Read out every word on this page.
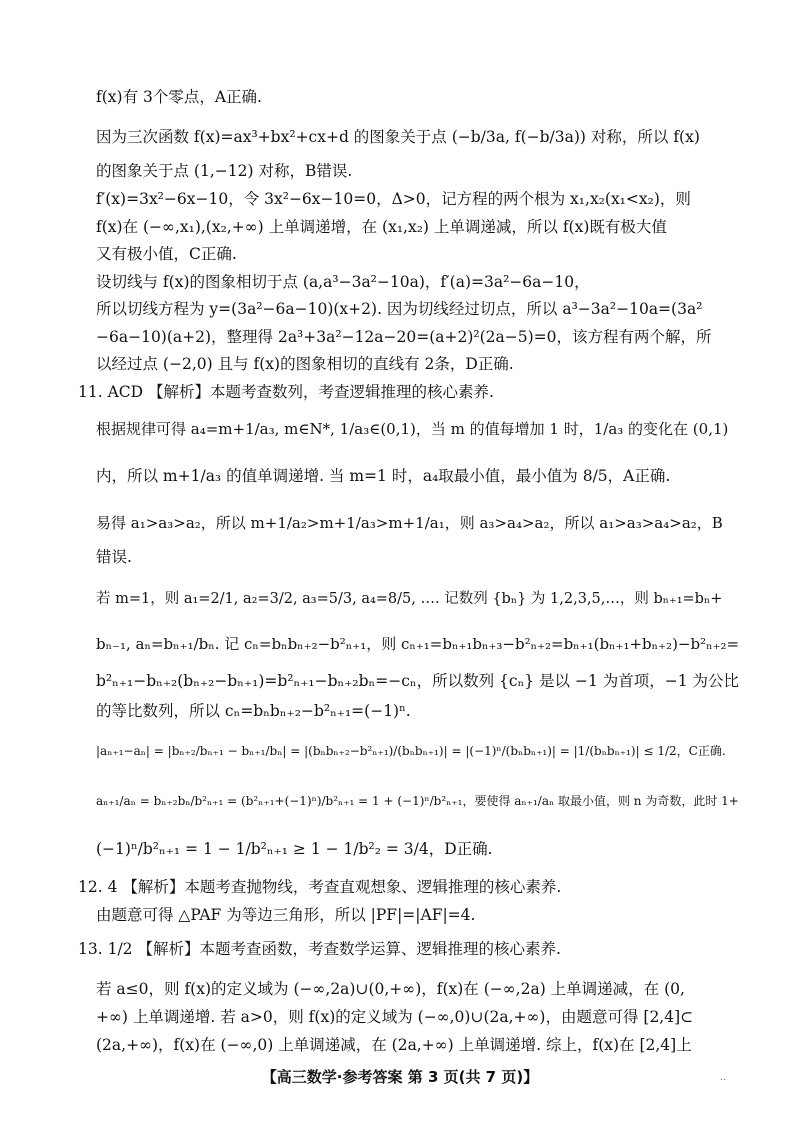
f(x)有 3个零点，A正确.
因为三次函数 f(x)=ax³+bx²+cx+d 的图象关于点 (−b/3a, f(−b/3a)) 对称，所以 f(x)
的图象关于点 (1,−12) 对称，B错误.
f′(x)=3x²−6x−10，令 3x²−6x−10=0，Δ>0，记方程的两个根为 x₁,x₂(x₁<x₂)，则
f(x)在 (−∞,x₁),(x₂,+∞) 上单调递增，在 (x₁,x₂) 上单调递减，所以 f(x)既有极大值
又有极小值，C正确.
设切线与 f(x)的图象相切于点 (a,a³−3a²−10a)，f′(a)=3a²−6a−10，
所以切线方程为 y=(3a²−6a−10)(x+2). 因为切线经过切点，所以 a³−3a²−10a=(3a²
−6a−10)(a+2)，整理得 2a³+3a²−12a−20=(a+2)²(2a−5)=0，该方程有两个解，所
以经过点 (−2,0) 且与 f(x)的图象相切的直线有 2条，D正确.
11. ACD 【解析】本题考查数列，考查逻辑推理的核心素养.
根据规律可得 a₄=m+1/a₃, m∈N*, 1/a₃∈(0,1)，当 m 的值每增加 1 时，1/a₃ 的变化在 (0,1)
内，所以 m+1/a₃ 的值单调递增. 当 m=1 时，a₄取最小值，最小值为 8/5，A正确.
易得 a₁>a₃>a₂，所以 m+1/a₂>m+1/a₃>m+1/a₁，则 a₃>a₄>a₂，所以 a₁>a₃>a₄>a₂，B
错误.
若 m=1，则 a₁=2/1, a₂=3/2, a₃=5/3, a₄=8/5, …. 记数列 {bₙ} 为 1,2,3,5,…，则 bₙ₊₁=bₙ+
bₙ₋₁, aₙ=bₙ₊₁/bₙ. 记 cₙ=bₙbₙ₊₂−b²ₙ₊₁，则 cₙ₊₁=bₙ₊₁bₙ₊₃−b²ₙ₊₂=bₙ₊₁(bₙ₊₁+bₙ₊₂)−b²ₙ₊₂=
b²ₙ₊₁−bₙ₊₂(bₙ₊₂−bₙ₊₁)=b²ₙ₊₁−bₙ₊₂bₙ=−cₙ，所以数列 {cₙ} 是以 −1 为首项，−1 为公比
的等比数列，所以 cₙ=bₙbₙ₊₂−b²ₙ₊₁=(−1)ⁿ.
|aₙ₊₁−aₙ| = |bₙ₊₂/bₙ₊₁ − bₙ₊₁/bₙ| = |(bₙbₙ₊₂−b²ₙ₊₁)/(bₙbₙ₊₁)| = |(−1)ⁿ/(bₙbₙ₊₁)| = |1/(bₙbₙ₊₁)| ≤ 1/2，C正确.
aₙ₊₁/aₙ = bₙ₊₂bₙ/b²ₙ₊₁ = (b²ₙ₊₁+(−1)ⁿ)/b²ₙ₊₁ = 1 + (−1)ⁿ/b²ₙ₊₁，要使得 aₙ₊₁/aₙ 取最小值，则 n 为奇数，此时 1+
(−1)ⁿ/b²ₙ₊₁ = 1 − 1/b²ₙ₊₁ ≥ 1 − 1/b²₂ = 3/4，D正确.
12. 4 【解析】本题考查抛物线，考查直观想象、逻辑推理的核心素养.
由题意可得 △PAF 为等边三角形，所以 |PF|=|AF|=4.
13. 1/2 【解析】本题考查函数，考查数学运算、逻辑推理的核心素养.
若 a≤0，则 f(x)的定义域为 (−∞,2a)∪(0,+∞)，f(x)在 (−∞,2a) 上单调递减，在 (0,
+∞) 上单调递增. 若 a>0，则 f(x)的定义域为 (−∞,0)∪(2a,+∞)，由题意可得 [2,4]⊂
(2a,+∞)，f(x)在 (−∞,0) 上单调递减，在 (2a,+∞) 上单调递增. 综上，f(x)在 [2,4]上
【高三数学·参考答案 第 3 页(共 7 页)】	..
